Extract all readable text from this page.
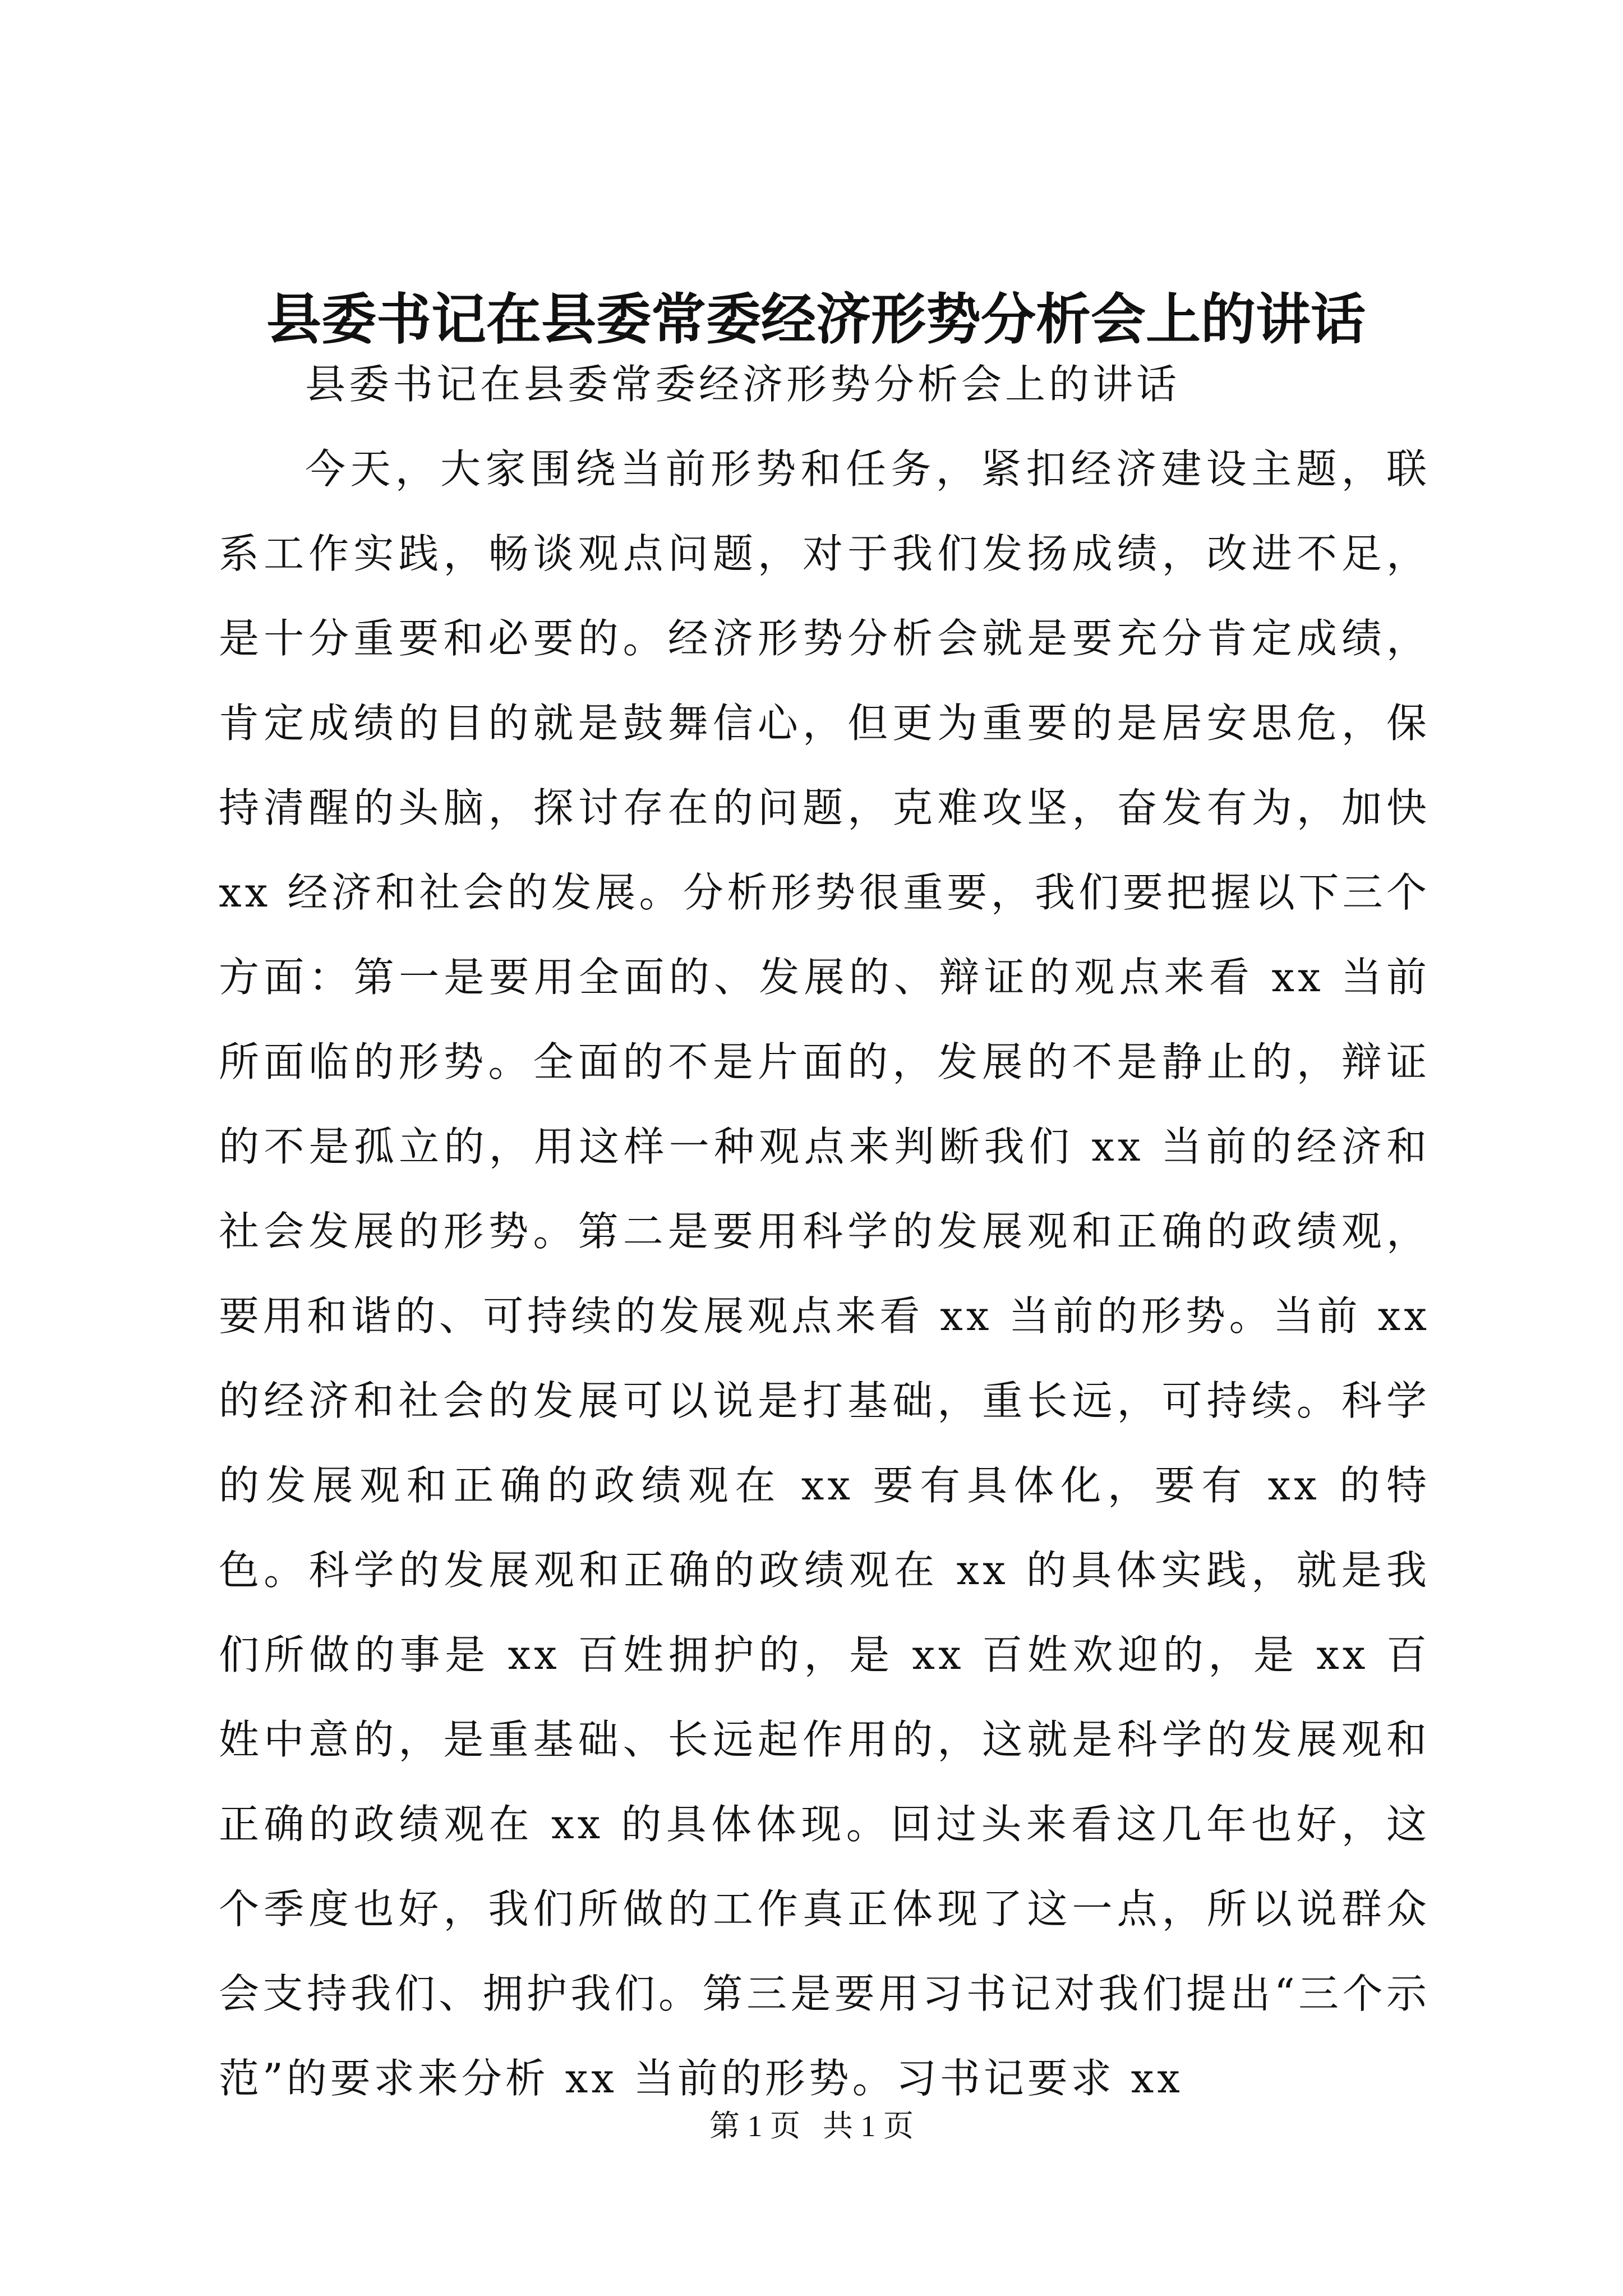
县委书记在县委常委经济形势分析会上的讲话

县委书记在县委常委经济形势分析会上的讲话

今天，大家围绕当前形势和任务，紧扣经济建设主题，联系工作实践，畅谈观点问题，对于我们发扬成绩，改进不足，是十分重要和必要的。经济形势分析会就是要充分肯定成绩，肯定成绩的目的就是鼓舞信心，但更为重要的是居安思危，保持清醒的头脑，探讨存在的问题，克难攻坚，奋发有为，加快 xx 经济和社会的发展。分析形势很重要，我们要把握以下三个方面：第一是要用全面的、发展的、辩证的观点来看 xx 当前所面临的形势。全面的不是片面的，发展的不是静止的，辩证的不是孤立的，用这样一种观点来判断我们 xx 当前的经济和社会发展的形势。第二是要用科学的发展观和正确的政绩观，要用和谐的、可持续的发展观点来看 xx 当前的形势。当前 xx 的经济和社会的发展可以说是打基础，重长远，可持续。科学的发展观和正确的政绩观在 xx 要有具体化，要有 xx 的特色。科学的发展观和正确的政绩观在 xx 的具体实践，就是我们所做的事是 xx 百姓拥护的，是 xx 百姓欢迎的，是 xx 百姓中意的，是重基础、长远起作用的，这就是科学的发展观和正确的政绩观在 xx 的具体体现。回过头来看这几年也好，这个季度也好，我们所做的工作真正体现了这一点，所以说群众会支持我们、拥护我们。第三是要用习书记对我们提出“三个示范”的要求来分析 xx 当前的形势。习书记要求 xx

第 1 页 共 1 页
